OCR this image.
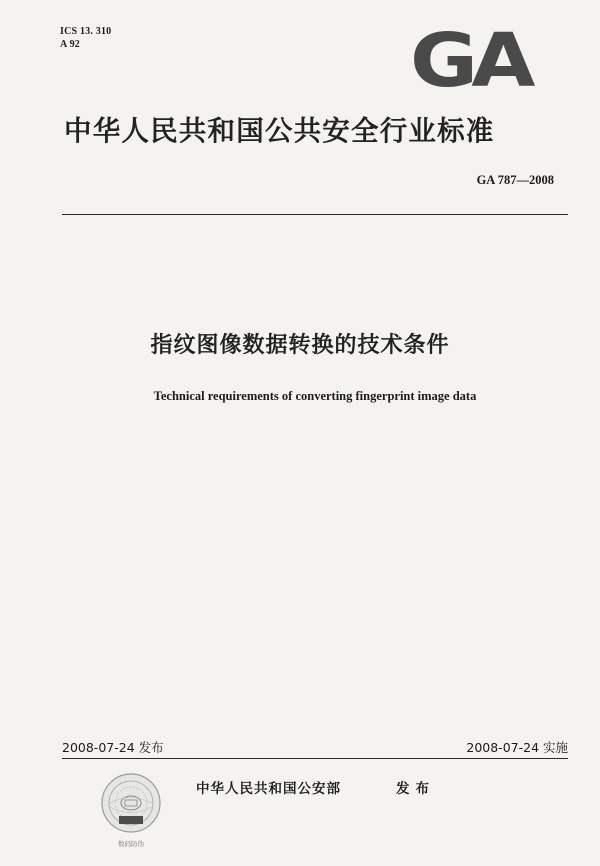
ICS 13. 310
A 92	GA
中华人民共和国公共安全行业标准
GA 787—2008
指纹图像数据转换的技术条件
Technical requirements of converting fingerprint image data
2008-07-24 发布	2008-07-24 实施
数码防伪
中华人民共和国公安部	发布
